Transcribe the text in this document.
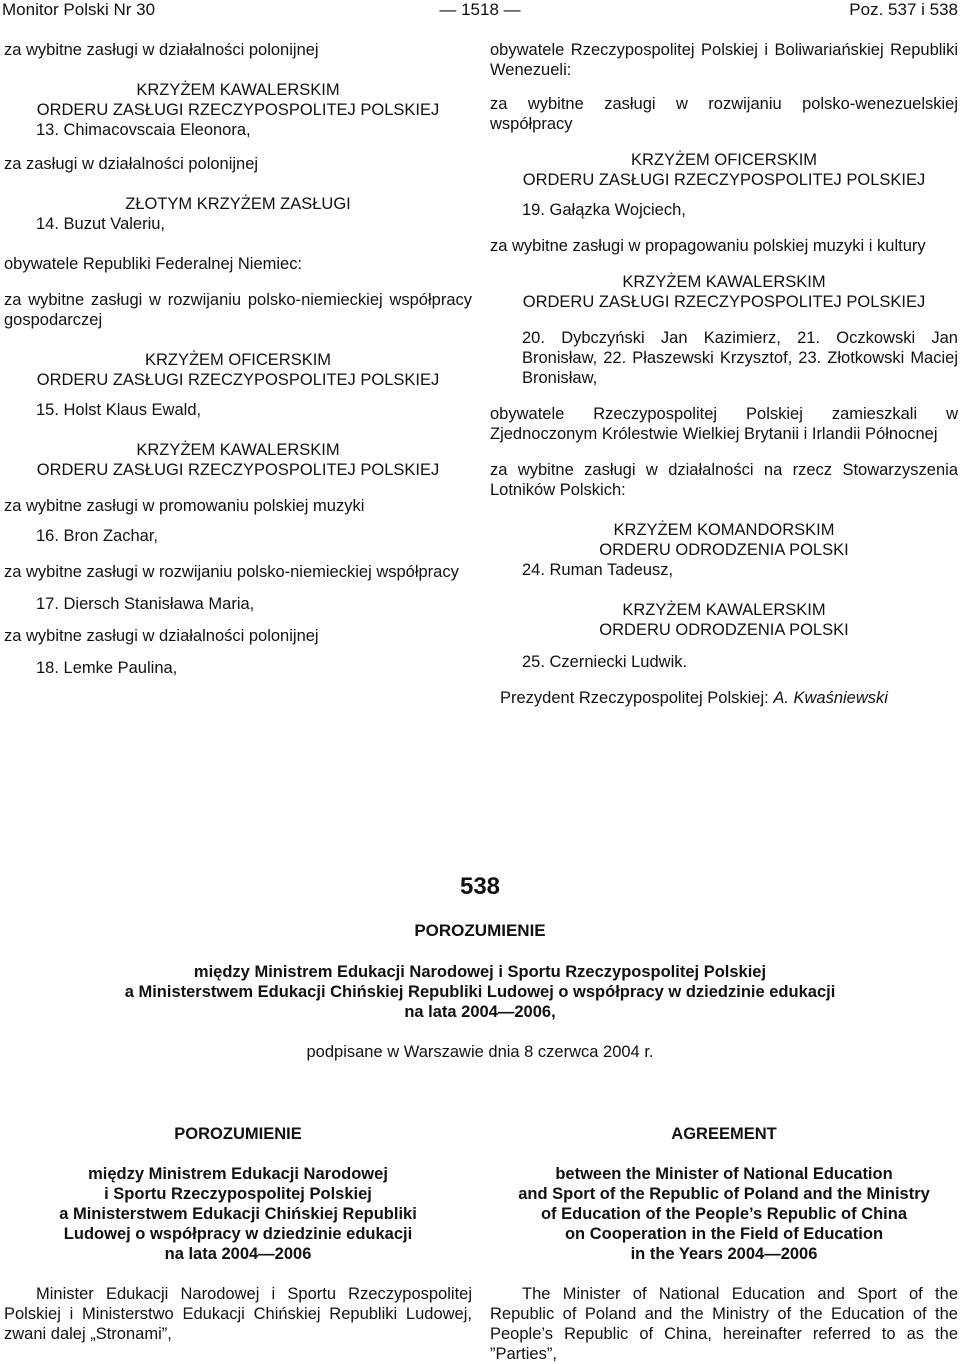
Monitor Polski Nr 30	— 1518 —	Poz. 537 i 538

za wybitne zasługi w działalności polonijnej

KRZYŻEM KAWALERSKIM

ORDERU ZASŁUGI RZECZYPOSPOLITEJ POLSKIEJ

13. Chimacovscaia Eleonora,

za zasługi w działalności polonijnej

ZŁOTYM KRZYŻEM ZASŁUGI

14. Buzut Valeriu,

obywatele Republiki Federalnej Niemiec:

za wybitne zasługi w rozwijaniu polsko-niemieckiej współpracy gospodarczej

KRZYŻEM OFICERSKIM

ORDERU ZASŁUGI RZECZYPOSPOLITEJ POLSKIEJ

15. Holst Klaus Ewald,

KRZYŻEM KAWALERSKIM

ORDERU ZASŁUGI RZECZYPOSPOLITEJ POLSKIEJ

za wybitne zasługi w promowaniu polskiej muzyki

16. Bron Zachar,

za wybitne zasługi w rozwijaniu polsko-niemieckiej współpracy

17. Diersch Stanisława Maria,

za wybitne zasługi w działalności polonijnej

18. Lemke Paulina,

obywatele Rzeczypospolitej Polskiej i Boliwariańskiej Republiki Wenezueli:

za wybitne zasługi w rozwijaniu polsko-wenezuelskiej współpracy

KRZYŻEM OFICERSKIM

ORDERU ZASŁUGI RZECZYPOSPOLITEJ POLSKIEJ

19. Gałązka Wojciech,

za wybitne zasługi w propagowaniu polskiej muzyki i kultury

KRZYŻEM KAWALERSKIM

ORDERU ZASŁUGI RZECZYPOSPOLITEJ POLSKIEJ

20. Dybczyński Jan Kazimierz, 21. Oczkowski Jan Bronisław, 22. Płaszewski Krzysztof, 23. Złotkowski Maciej Bronisław,

obywatele Rzeczypospolitej Polskiej zamieszkali w Zjednoczonym Królestwie Wielkiej Brytanii i Irlandii Północnej

za wybitne zasługi w działalności na rzecz Stowarzyszenia Lotników Polskich:

KRZYŻEM KOMANDORSKIM

ORDERU ODRODZENIA POLSKI

24. Ruman Tadeusz,

KRZYŻEM KAWALERSKIM

ORDERU ODRODZENIA POLSKI

25. Czerniecki Ludwik.

Prezydent Rzeczypospolitej Polskiej: A. Kwaśniewski

538
POROZUMIENIE
między Ministrem Edukacji Narodowej i Sportu Rzeczypospolitej Polskiej
a Ministerstwem Edukacji Chińskiej Republiki Ludowej o współpracy w dziedzinie edukacji
na lata 2004—2006,
podpisane w Warszawie dnia 8 czerwca 2004 r.

POROZUMIENIE

między Ministrem Edukacji Narodowej

i Sportu Rzeczypospolitej Polskiej

a Ministerstwem Edukacji Chińskiej Republiki

Ludowej o współpracy w dziedzinie edukacji

na lata 2004—2006

Minister Edukacji Narodowej i Sportu Rzeczypospolitej Polskiej i Ministerstwo Edukacji Chińskiej Republiki Ludowej, zwani dalej „Stronami”,

AGREEMENT

between the Minister of National Education

and Sport of the Republic of Poland and the Ministry

of Education of the People’s Republic of China

on Cooperation in the Field of Education

in the Years 2004—2006

The Minister of National Education and Sport of the Republic of Poland and the Ministry of the Education of the People’s Republic of China, hereinafter referred to as the ”Parties”,
